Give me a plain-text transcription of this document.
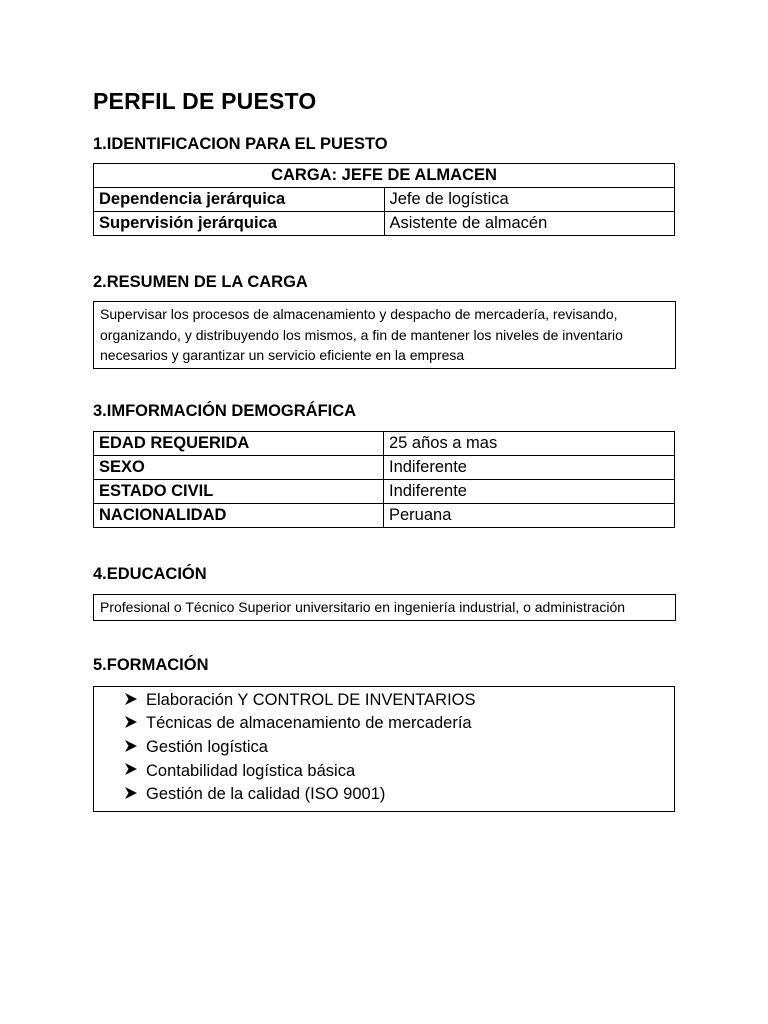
PERFIL DE PUESTO
1.IDENTIFICACION PARA EL PUESTO
CARGA: JEFE DE ALMACEN	
Dependencia jerárquica	Jefe de logística
Supervisión jerárquica	Asistente de almacén
2.RESUMEN DE LA CARGA
Supervisar los procesos de almacenamiento y despacho de mercadería, revisando, organizando, y distribuyendo los mismos, a fin de mantener los niveles de inventario necesarios y garantizar un servicio eficiente en la empresa
3.IMFORMACIÓN DEMOGRÁFICA
EDAD REQUERIDA	25 años a mas
SEXO	Indiferente
ESTADO CIVIL	Indiferente
NACIONALIDAD	Peruana
4.EDUCACIÓN
Profesional o Técnico Superior universitario en ingeniería industrial, o administración
5.FORMACIÓN
Elaboración Y CONTROL DE INVENTARIOS
Técnicas de almacenamiento de mercadería
Gestión logística
Contabilidad logística básica
Gestión de la calidad (ISO 9001)
